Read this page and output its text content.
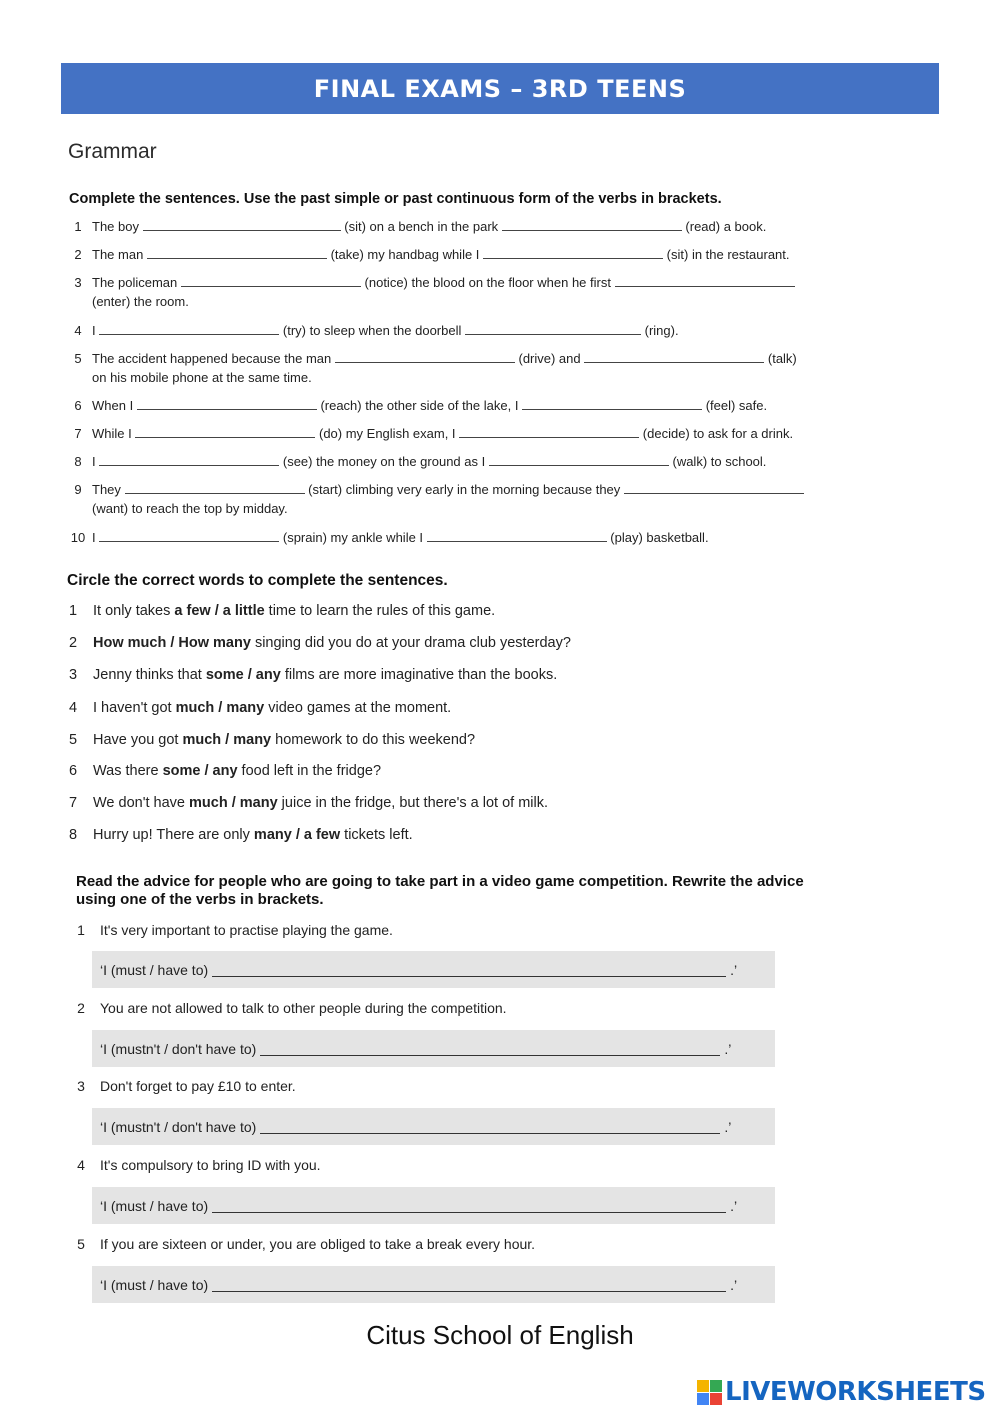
FINAL EXAMS – 3RD TEENS
Grammar
Complete the sentences. Use the past simple or past continuous form of the verbs in brackets.
1 The boy	(sit) on a bench in the park	(read) a book.
2 The man	(take) my handbag while I	(sit) in the restaurant.
3 The policeman	(notice) the blood on the floor when he first
(enter) the room.
4 I	(try) to sleep when the doorbell	(ring).
5 The accident happened because the man	(drive) and	(talk)
on his mobile phone at the same time.
6 When I	(reach) the other side of the lake, I	(feel) safe.
7 While I	(do) my English exam, I	(decide) to ask for a drink.
8 I	(see) the money on the ground as I	(walk) to school.
9 They	(start) climbing very early in the morning because they
(want) to reach the top by midday.
10 I	(sprain) my ankle while I	(play) basketball.
Circle the correct words to complete the sentences.
1	It only takes a few / a little time to learn the rules of this game.
2	How much / How many singing did you do at your drama club yesterday?
3	Jenny thinks that some / any films are more imaginative than the books.
4	I haven't got much / many video games at the moment.
5	Have you got much / many homework to do this weekend?
6	Was there some / any food left in the fridge?
7	We don't have much / many juice in the fridge, but there's a lot of milk.
8	Hurry up! There are only many / a few tickets left.
Read the advice for people who are going to take part in a video game competition. Rewrite the advice
using one of the verbs in brackets.
1 It's very important to practise playing the game.
‘I (must / have to)	.’
2 You are not allowed to talk to other people during the competition.
‘I (mustn't / don't have to)	.’
3 Don't forget to pay £10 to enter.
‘I (mustn't / don't have to)	.’
4 It's compulsory to bring ID with you.
‘I (must / have to)	.’
5 If you are sixteen or under, you are obliged to take a break every hour.
‘I (must / have to)	.’
Citus School of English
LIVEWORKSHEETS
